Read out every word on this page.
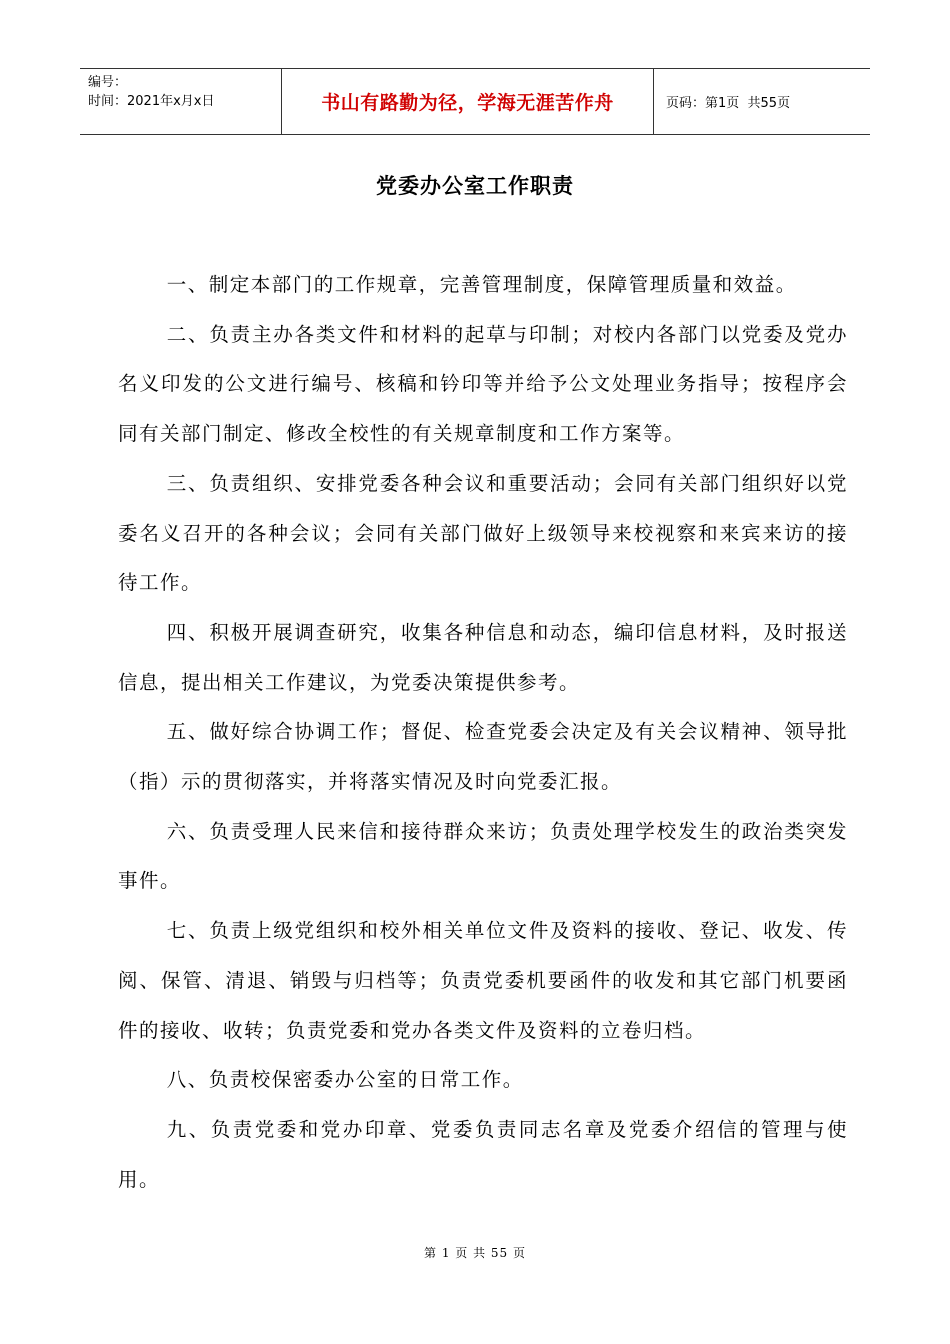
编号：
时间：2021年x月x日	书山有路勤为径，学海无涯苦作舟	页码：第1页  共55页
党委办公室工作职责

一、制定本部门的工作规章，完善管理制度，保障管理质量和效益。

二、负责主办各类文件和材料的起草与印制；对校内各部门以党委及党办名义印发的公文进行编号、核稿和钤印等并给予公文处理业务指导；按程序会同有关部门制定、修改全校性的有关规章制度和工作方案等。

三、负责组织、安排党委各种会议和重要活动；会同有关部门组织好以党委名义召开的各种会议；会同有关部门做好上级领导来校视察和来宾来访的接待工作。

四、积极开展调查研究，收集各种信息和动态，编印信息材料，及时报送信息，提出相关工作建议，为党委决策提供参考。

五、做好综合协调工作；督促、检查党委会决定及有关会议精神、领导批（指）示的贯彻落实，并将落实情况及时向党委汇报。

六、负责受理人民来信和接待群众来访；负责处理学校发生的政治类突发事件。

七、负责上级党组织和校外相关单位文件及资料的接收、登记、收发、传阅、保管、清退、销毁与归档等；负责党委机要函件的收发和其它部门机要函件的接收、收转；负责党委和党办各类文件及资料的立卷归档。

八、负责校保密委办公室的日常工作。

九、负责党委和党办印章、党委负责同志名章及党委介绍信的管理与使用。

第 1 页 共 55 页
